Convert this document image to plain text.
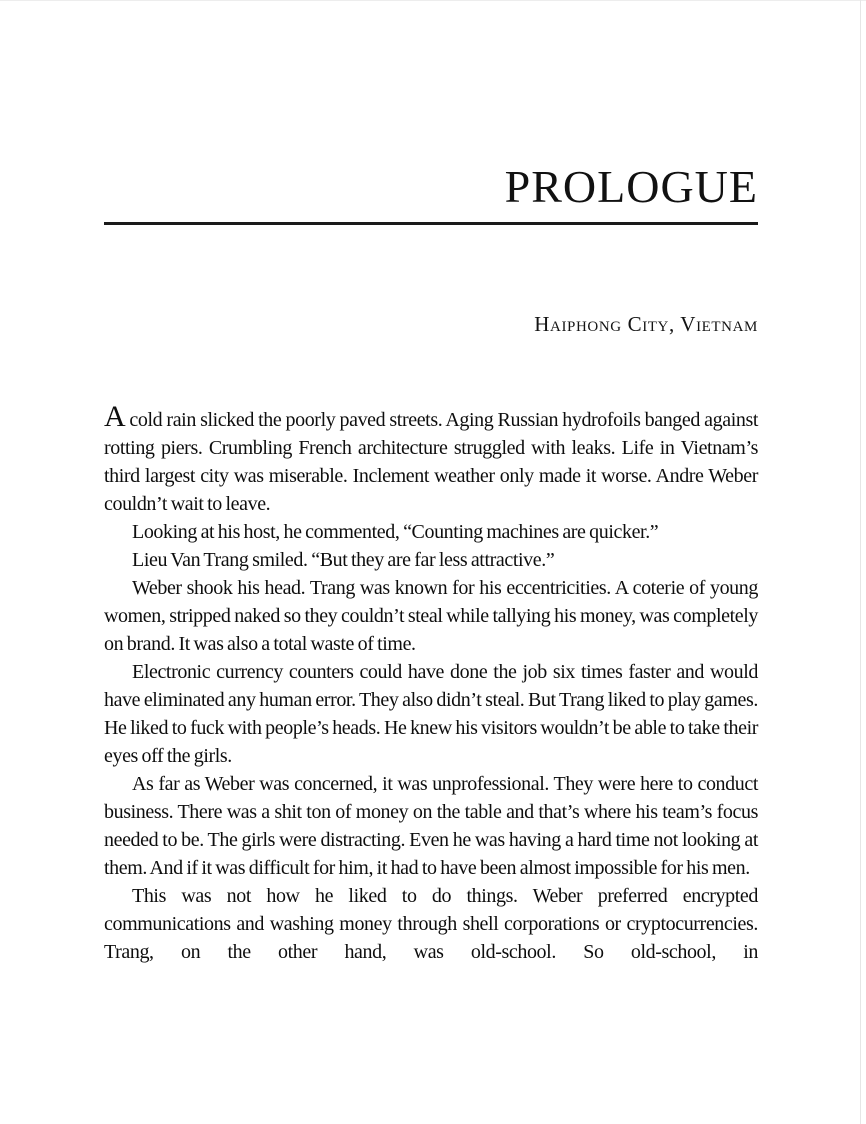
PROLOGUE
Haiphong City, Vietnam

A cold rain slicked the poorly paved streets. Aging Russian hydrofoils banged against rotting piers. Crumbling French architecture struggled with leaks. Life in Vietnam’s third largest city was miserable. Inclement weather only made it worse. Andre Weber couldn’t wait to leave.

Looking at his host, he commented, “Counting machines are quicker.”

Lieu Van Trang smiled. “But they are far less attractive.”

Weber shook his head. Trang was known for his eccentricities. A coterie of young women, stripped naked so they couldn’t steal while tallying his money, was completely on brand. It was also a total waste of time.

Electronic currency counters could have done the job six times faster and would have eliminated any human error. They also didn’t steal. But Trang liked to play games. He liked to fuck with people’s heads. He knew his visitors wouldn’t be able to take their eyes off the girls.

As far as Weber was concerned, it was unprofessional. They were here to conduct business. There was a shit ton of money on the table and that’s where his team’s focus needed to be. The girls were distracting. Even he was having a hard time not looking at them. And if it was difficult for him, it had to have been almost impossible for his men.

This was not how he liked to do things. Weber preferred encrypted communications and washing money through shell corporations or cryptocurrencies. Trang, on the other hand, was old-school. So old-school, in
